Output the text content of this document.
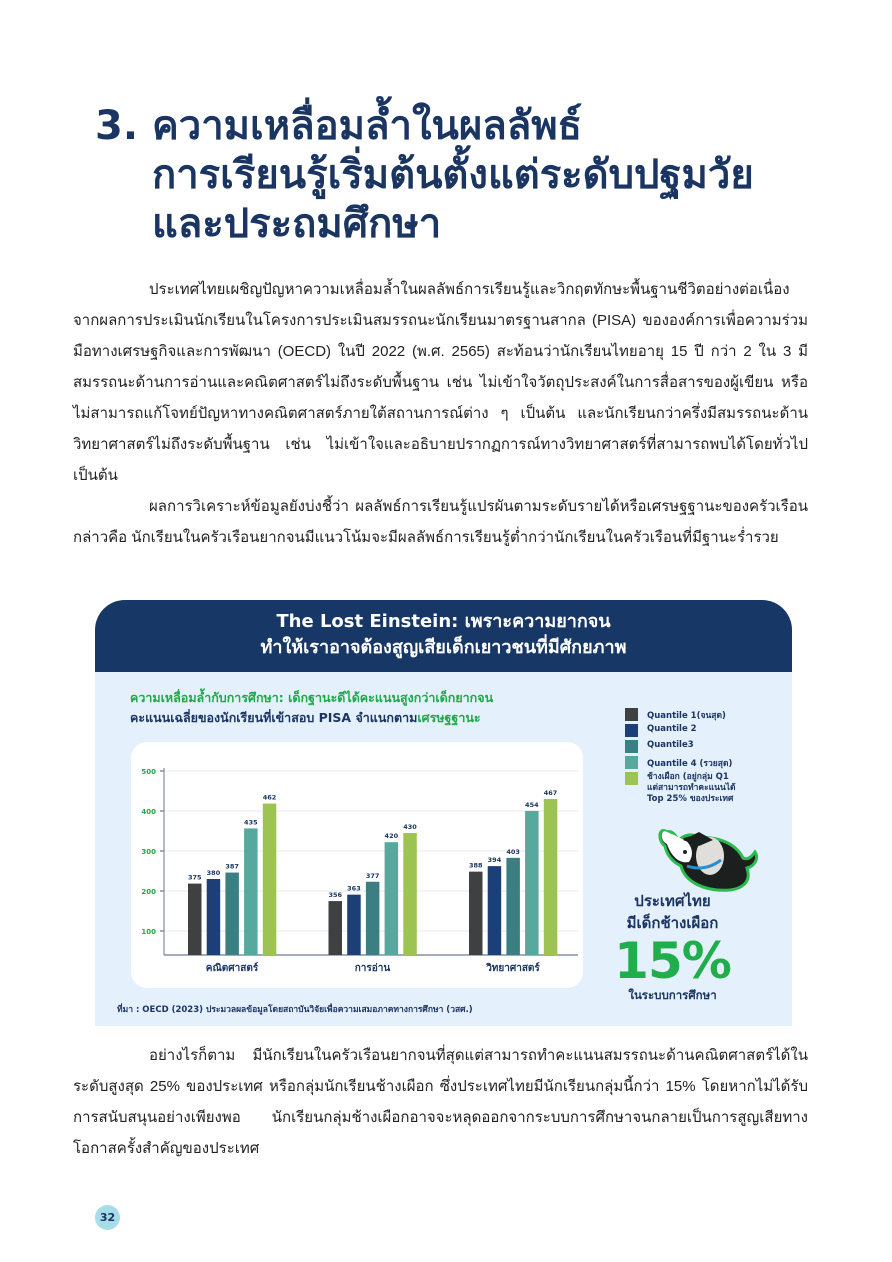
3. ความเหลื่อมล้ำในผลลัพธ์
การเรียนรู้เริ่มต้นตั้งแต่ระดับปฐมวัย
และประถมศึกษา

ประเทศไทยเผชิญปัญหาความเหลื่อมล้ำในผลลัพธ์การเรียนรู้และวิกฤตทักษะพื้นฐานชีวิตอย่างต่อเนื่อง จากผลการประเมินนักเรียนในโครงการประเมินสมรรถนะนักเรียนมาตรฐานสากล (PISA) ขององค์การเพื่อความร่วมมือทางเศรษฐกิจและการพัฒนา (OECD) ในปี 2022 (พ.ศ. 2565) สะท้อนว่านักเรียนไทยอายุ 15 ปี กว่า 2 ใน 3 มีสมรรถนะด้านการอ่านและคณิตศาสตร์ไม่ถึงระดับพื้นฐาน เช่น ไม่เข้าใจวัตถุประสงค์ในการสื่อสารของผู้เขียน หรือไม่สามารถแก้โจทย์ปัญหาทางคณิตศาสตร์ภายใต้สถานการณ์ต่าง ๆ เป็นต้น และนักเรียนกว่าครึ่งมีสมรรถนะด้านวิทยาศาสตร์ไม่ถึงระดับพื้นฐาน เช่น ไม่เข้าใจและอธิบายปรากฏการณ์ทางวิทยาศาสตร์ที่สามารถพบได้โดยทั่วไป เป็นต้น

ผลการวิเคราะห์ข้อมูลยังบ่งชี้ว่า ผลลัพธ์การเรียนรู้แปรผันตามระดับรายได้หรือเศรษฐฐานะของครัวเรือน กล่าวคือ นักเรียนในครัวเรือนยากจนมีแนวโน้มจะมีผลลัพธ์การเรียนรู้ต่ำกว่านักเรียนในครัวเรือนที่มีฐานะร่ำรวย

The Lost Einstein: เพราะความยากจน
ทำให้เราอาจต้องสูญเสียเด็กเยาวชนที่มีศักยภาพ
ความเหลื่อมล้ำกับการศึกษา: เด็กฐานะดีได้คะแนนสูงกว่าเด็กยากจน
คะแนนเฉลี่ยของนักเรียนที่เข้าสอบ PISA จำแนกตามเศรษฐฐานะ
100
200
300
400
500
375
380
387
435
462
คณิตศาสตร์
356
363
377
420
430
การอ่าน
388
394
403
454
467
วิทยาศาสตร์
Quantile 1(จนสุด)
Quantile 2
Quantile3
Quantile 4 (รวยสุด)
ช้างเผือก (อยู่กลุ่ม Q1 แต่สามารถทำคะแนนได้ Top 25% ของประเทศ
ประเทศไทย
มีเด็กช้างเผือก
15%
ในระบบการศึกษา
ที่มา : OECD (2023) ประมวลผลข้อมูลโดยสถาบันวิจัยเพื่อความเสมอภาคทางการศึกษา (วสศ.)

อย่างไรก็ตาม มีนักเรียนในครัวเรือนยากจนที่สุดแต่สามารถทำคะแนนสมรรถนะด้านคณิตศาสตร์ได้ในระดับสูงสุด 25% ของประเทศ หรือกลุ่มนักเรียนช้างเผือก ซึ่งประเทศไทยมีนักเรียนกลุ่มนี้กว่า 15% โดยหากไม่ได้รับการสนับสนุนอย่างเพียงพอ นักเรียนกลุ่มช้างเผือกอาจจะหลุดออกจากระบบการศึกษาจนกลายเป็นการสูญเสียทางโอกาสครั้งสำคัญของประเทศ

32
